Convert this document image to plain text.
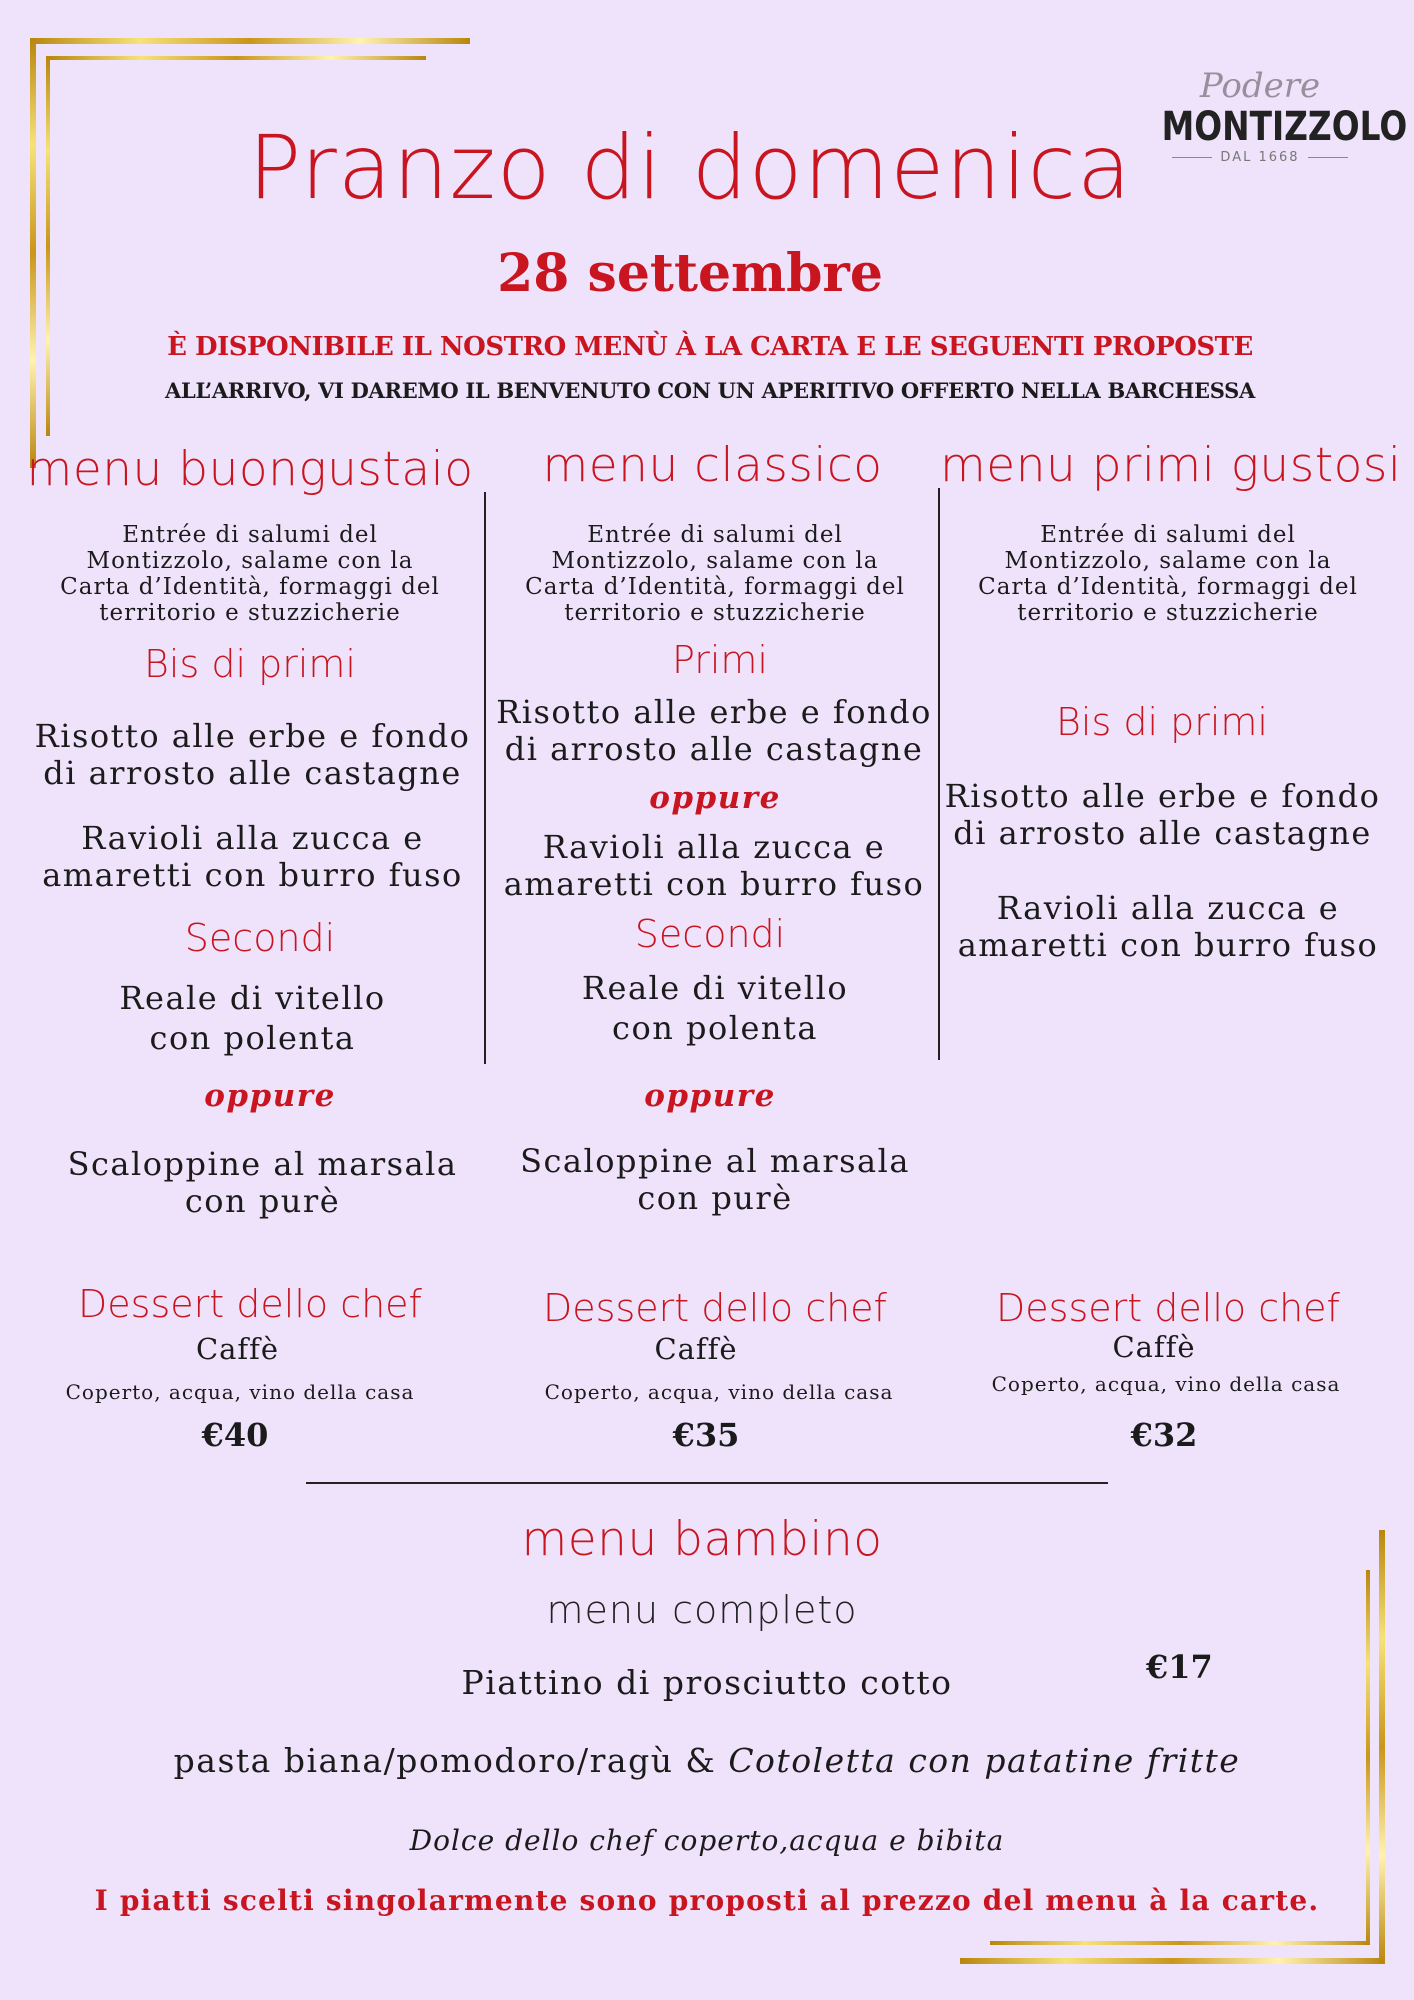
Podere
MONTIZZOLO
DAL 1668
Pranzo di domenica
28 settembre
È DISPONIBILE IL NOSTRO MENÙ À LA CARTA E LE SEGUENTI PROPOSTE
ALL’ARRIVO, VI DAREMO IL BENVENUTO CON UN APERITIVO OFFERTO NELLA BARCHESSA
menu buongustaio
Entrée di salumi del
Montizzolo, salame con la
Carta d’Identità, formaggi del
territorio e stuzzicherie
Bis di primi
Risotto alle erbe e fondo
di arrosto alle castagne
Ravioli alla zucca e
amaretti con burro fuso
Secondi
Reale di vitello
con polenta
oppure
Scaloppine al marsala
con purè
Dessert dello chef
Caffè
Coperto, acqua, vino della casa
€40
menu classico
Entrée di salumi del
Montizzolo, salame con la
Carta d’Identità, formaggi del
territorio e stuzzicherie
Primi
Risotto alle erbe e fondo
di arrosto alle castagne
oppure
Ravioli alla zucca e
amaretti con burro fuso
Secondi
Reale di vitello
con polenta
oppure
Scaloppine al marsala
con purè
Dessert dello chef
Caffè
Coperto, acqua, vino della casa
€35
menu primi gustosi
Entrée di salumi del
Montizzolo, salame con la
Carta d’Identità, formaggi del
territorio e stuzzicherie
Bis di primi
Risotto alle erbe e fondo
di arrosto alle castagne
Ravioli alla zucca e
amaretti con burro fuso
Dessert dello chef
Caffè
Coperto, acqua, vino della casa
€32
menu bambino
menu completo
€17
Piattino di prosciutto cotto
pasta biana/pomodoro/ragù & Cotoletta con patatine fritte
Dolce dello chef coperto,acqua e bibita
I piatti scelti singolarmente sono proposti al prezzo del menu à la carte.
